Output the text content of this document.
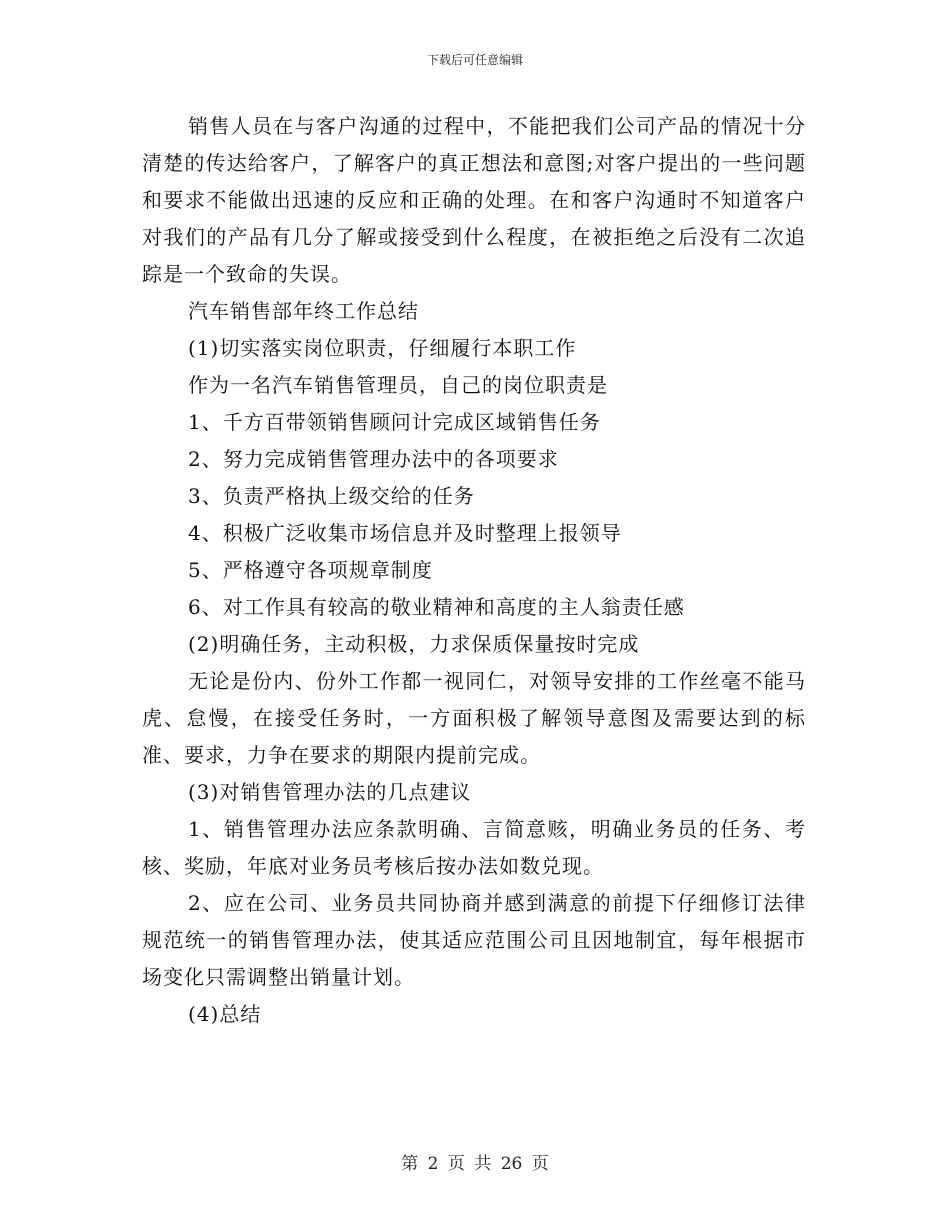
下载后可任意编辑

销售人员在与客户沟通的过程中，不能把我们公司产品的情况十分清楚的传达给客户，了解客户的真正想法和意图;对客户提出的一些问题和要求不能做出迅速的反应和正确的处理。在和客户沟通时不知道客户对我们的产品有几分了解或接受到什么程度，在被拒绝之后没有二次追踪是一个致命的失误。

汽车销售部年终工作总结

(1)切实落实岗位职责，仔细履行本职工作

作为一名汽车销售管理员，自己的岗位职责是

1、千方百带领销售顾问计完成区域销售任务

2、努力完成销售管理办法中的各项要求

3、负责严格执上级交给的任务

4、积极广泛收集市场信息并及时整理上报领导

5、严格遵守各项规章制度

6、对工作具有较高的敬业精神和高度的主人翁责任感

(2)明确任务，主动积极，力求保质保量按时完成

无论是份内、份外工作都一视同仁，对领导安排的工作丝毫不能马虎、怠慢，在接受任务时，一方面积极了解领导意图及需要达到的标准、要求，力争在要求的期限内提前完成。

(3)对销售管理办法的几点建议

1、销售管理办法应条款明确、言简意赅，明确业务员的任务、考核、奖励，年底对业务员考核后按办法如数兑现。

2、应在公司、业务员共同协商并感到满意的前提下仔细修订法律规范统一的销售管理办法，使其适应范围公司且因地制宜，每年根据市场变化只需调整出销量计划。

(4)总结

第 2 页 共 26 页
